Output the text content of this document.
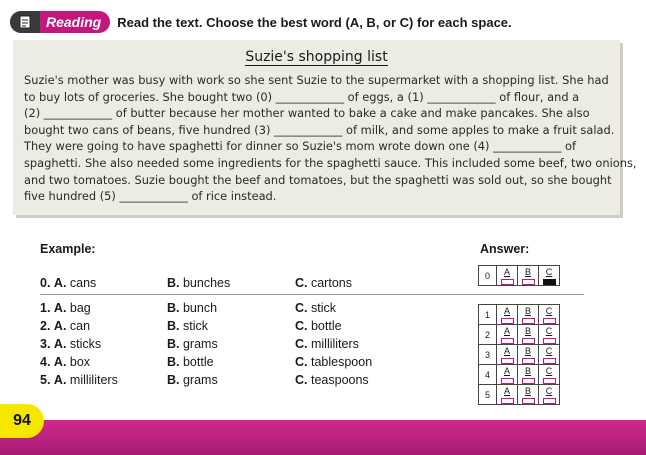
Reading Read the text. Choose the best word (A, B, or C) for each space.
Suzie's shopping list
Suzie's mother was busy with work so she sent Suzie to the supermarket with a shopping list. She had
to buy lots of groceries. She bought two (0) ____________ of eggs, a (1) ____________ of flour, and a
(2) ____________ of butter because her mother wanted to bake a cake and make pancakes. She also
bought two cans of beans, five hundred (3) ____________ of milk, and some apples to make a fruit salad.
They were going to have spaghetti for dinner so Suzie's mom wrote down one (4) ____________ of
spaghetti. She also needed some ingredients for the spaghetti sauce. This included some beef, two onions,
and two tomatoes. Suzie bought the beef and tomatoes, but the spaghetti was sold out, so she bought
five hundred (5) ____________ of rice instead.
Example:	Answer:
0. A. cans	B. bunches	C. cartons
1. A. bag	B. bunch	C. stick
2. A. can	B. stick	C. bottle
3. A. sticks	B. grams	C. milliliters
4. A. box	B. bottle	C. tablespoon
5. A. milliliters	B. grams	C. teaspoons
0	A	B	C
1	A	B	C

2	A	B	C

3	A	B	C

4	A	B	C

5	A	B	C
94
